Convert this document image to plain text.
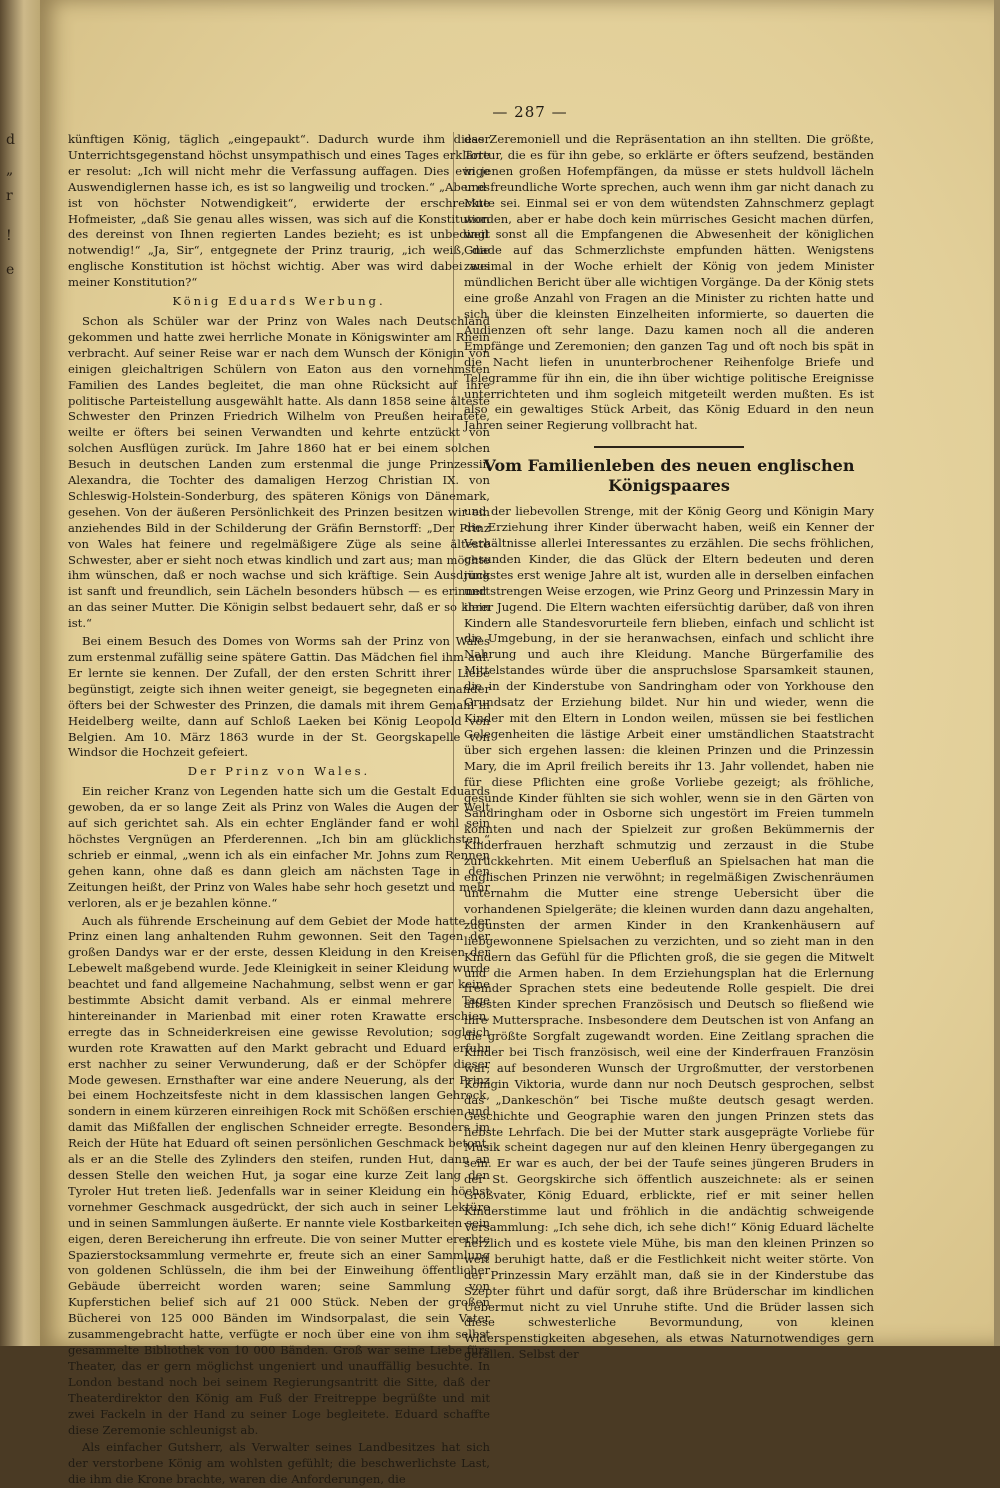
d
„
r
!
e
— 287 —

künftigen König, täglich „eingepaukt“. Dadurch wurde ihm dieser Unterrichtsgegenstand höchst unsympathisch und eines Tages erklärte er resolut: „Ich will nicht mehr die Verfassung auffagen. Dies ewige Auswendiglernen hasse ich, es ist so langweilig und trocken.“ „Aber es ist von höchster Notwendigkeit“, erwiderte der erschreckte Hofmeister, „daß Sie genau alles wissen, was sich auf die Konstitution des dereinst von Ihnen regierten Landes bezieht; es ist unbedingt notwendig!“ „Ja, Sir“, entgegnete der Prinz traurig, „ich weiß, die englische Konstitution ist höchst wichtig. Aber was wird dabei aus meiner Konstitution?“

König Eduards Werbung.

Schon als Schüler war der Prinz von Wales nach Deutschland gekommen und hatte zwei herrliche Monate in Königswinter am Rhein verbracht. Auf seiner Reise war er nach dem Wunsch der Königin von einigen gleichaltrigen Schülern von Eaton aus den vornehmsten Familien des Landes begleitet, die man ohne Rücksicht auf ihre politische Parteistellung ausgewählt hatte. Als dann 1858 seine älteste Schwester den Prinzen Friedrich Wilhelm von Preußen heiratete, weilte er öfters bei seinen Verwandten und kehrte entzückt von solchen Ausflügen zurück. Im Jahre 1860 hat er bei einem solchen Besuch in deutschen Landen zum erstenmal die junge Prinzessin Alexandra, die Tochter des damaligen Herzog Christian IX. von Schleswig-Holstein-Sonderburg, des späteren Königs von Dänemark, gesehen. Von der äußeren Persönlichkeit des Prinzen besitzen wir ein anziehendes Bild in der Schilderung der Gräfin Bernstorff: „Der Prinz von Wales hat feinere und regelmäßigere Züge als seine älteste Schwester, aber er sieht noch etwas kindlich und zart aus; man möchte ihm wünschen, daß er noch wachse und sich kräftige. Sein Ausdruck ist sanft und freundlich, sein Lächeln besonders hübsch — es erinnert an das seiner Mutter. Die Königin selbst bedauert sehr, daß er so klein ist.“

Bei einem Besuch des Domes von Worms sah der Prinz von Wales zum erstenmal zufällig seine spätere Gattin. Das Mädchen fiel ihm auf. Er lernte sie kennen. Der Zufall, der den ersten Schritt ihrer Liebe begünstigt, zeigte sich ihnen weiter geneigt, sie begegneten einander öfters bei der Schwester des Prinzen, die damals mit ihrem Gemahl in Heidelberg weilte, dann auf Schloß Laeken bei König Leopold von Belgien. Am 10. März 1863 wurde in der St. Georgskapelle von Windsor die Hochzeit gefeiert.

Der Prinz von Wales.

Ein reicher Kranz von Legenden hatte sich um die Gestalt Eduards gewoben, da er so lange Zeit als Prinz von Wales die Augen der Welt auf sich gerichtet sah. Als ein echter Engländer fand er wohl sein höchstes Vergnügen an Pferderennen. „Ich bin am glücklichsten,“ schrieb er einmal, „wenn ich als ein einfacher Mr. Johns zum Rennen gehen kann, ohne daß es dann gleich am nächsten Tage in den Zeitungen heißt, der Prinz von Wales habe sehr hoch gesetzt und mehr verloren, als er je bezahlen könne.“

Auch als führende Erscheinung auf dem Gebiet der Mode hatte der Prinz einen lang anhaltenden Ruhm gewonnen. Seit den Tagen der großen Dandys war er der erste, dessen Kleidung in den Kreisen der Lebewelt maßgebend wurde. Jede Kleinigkeit in seiner Kleidung wurde beachtet und fand allgemeine Nachahmung, selbst wenn er gar keine bestimmte Absicht damit verband. Als er einmal mehrere Tage hintereinander in Marienbad mit einer roten Krawatte erschien, erregte das in Schneiderkreisen eine gewisse Revolution; sogleich wurden rote Krawatten auf den Markt gebracht und Eduard erfuhr erst nachher zu seiner Verwunderung, daß er der Schöpfer dieser Mode gewesen. Ernsthafter war eine andere Neuerung, als der Prinz bei einem Hochzeitsfeste nicht in dem klassischen langen Gehrock, sondern in einem kürzeren einreihigen Rock mit Schößen erschien und damit das Mißfallen der englischen Schneider erregte. Besonders im Reich der Hüte hat Eduard oft seinen persönlichen Geschmack betont, als er an die Stelle des Zylinders den steifen, runden Hut, dann an dessen Stelle den weichen Hut, ja sogar eine kurze Zeit lang den Tyroler Hut treten ließ. Jedenfalls war in seiner Kleidung ein höchst vornehmer Geschmack ausgedrückt, der sich auch in seiner Lektüre und in seinen Sammlungen äußerte. Er nannte viele Kostbarkeiten sein eigen, deren Bereicherung ihn erfreute. Die von seiner Mutter ererbte Spazierstocksammlung vermehrte er, freute sich an einer Sammlung von goldenen Schlüsseln, die ihm bei der Einweihung öffentlicher Gebäude überreicht worden waren; seine Sammlung von Kupferstichen belief sich auf 21 000 Stück. Neben der großen Bücherei von 125 000 Bänden im Windsorpalast, die sein Vater zusammengebracht hatte, verfügte er noch über eine von ihm selbst gesammelte Bibliothek von 10 000 Bänden. Groß war seine Liebe fürs Theater, das er gern möglichst ungeniert und unauffällig besuchte. In London bestand noch bei seinem Regierungsantritt die Sitte, daß der Theaterdirektor den König am Fuß der Freitreppe begrüßte und mit zwei Fackeln in der Hand zu seiner Loge begleitete. Eduard schaffte diese Zeremonie schleunigst ab.

Als einfacher Gutsherr, als Verwalter seines Landbesitzes hat sich der verstorbene König am wohlsten gefühlt; die beschwerlichste Last, die ihm die Krone brachte, waren die Anforderungen, die

das Zeremoniell und die Repräsentation an ihn stellten. Die größte, Tortur, die es für ihn gebe, so erklärte er öfters seufzend, beständen in jenen großen Hofempfängen, da müsse er stets huldvoll lächeln und freundliche Worte sprechen, auch wenn ihm gar nicht danach zu Mute sei. Einmal sei er von dem wütendsten Zahnschmerz geplagt worden, aber er habe doch kein mürrisches Gesicht machen dürfen, weil sonst all die Empfangenen die Abwesenheit der königlichen Gnade auf das Schmerzlichste empfunden hätten. Wenigstens zweimal in der Woche erhielt der König von jedem Minister mündlichen Bericht über alle wichtigen Vorgänge. Da der König stets eine große Anzahl von Fragen an die Minister zu richten hatte und sich über die kleinsten Einzelheiten informierte, so dauerten die Audienzen oft sehr lange. Dazu kamen noch all die anderen Empfänge und Zeremonien; den ganzen Tag und oft noch bis spät in die Nacht liefen in ununterbrochener Reihenfolge Briefe und Telegramme für ihn ein, die ihn über wichtige politische Ereignisse unterrichteten und ihm sogleich mitgeteilt werden mußten. Es ist also ein gewaltiges Stück Arbeit, das König Eduard in den neun Jahren seiner Regierung vollbracht hat.

Vom Familienleben des neuen englischen Königspaares

und der liebevollen Strenge, mit der König Georg und Königin Mary die Erziehung ihrer Kinder überwacht haben, weiß ein Kenner der Verhältnisse allerlei Interessantes zu erzählen. Die sechs fröhlichen, gesunden Kinder, die das Glück der Eltern bedeuten und deren jüngstes erst wenige Jahre alt ist, wurden alle in derselben einfachen und strengen Weise erzogen, wie Prinz Georg und Prinzessin Mary in ihrer Jugend. Die Eltern wachten eifersüchtig darüber, daß von ihren Kindern alle Standesvorurteile fern blieben, einfach und schlicht ist die Umgebung, in der sie heranwachsen, einfach und schlicht ihre Nahrung und auch ihre Kleidung. Manche Bürgerfamilie des Mittelstandes würde über die anspruchslose Sparsamkeit staunen, die in der Kinderstube von Sandringham oder von Yorkhouse den Grundsatz der Erziehung bildet. Nur hin und wieder, wenn die Kinder mit den Eltern in London weilen, müssen sie bei festlichen Gelegenheiten die lästige Arbeit einer umständlichen Staatstracht über sich ergehen lassen: die kleinen Prinzen und die Prinzessin Mary, die im April freilich bereits ihr 13. Jahr vollendet, haben nie für diese Pflichten eine große Vorliebe gezeigt; als fröhliche, gesunde Kinder fühlten sie sich wohler, wenn sie in den Gärten von Sandringham oder in Osborne sich ungestört im Freien tummeln konnten und nach der Spielzeit zur großen Bekümmernis der Kinderfrauen herzhaft schmutzig und zerzaust in die Stube zurückkehrten. Mit einem Ueberfluß an Spielsachen hat man die englischen Prinzen nie verwöhnt; in regelmäßigen Zwischenräumen unternahm die Mutter eine strenge Uebersicht über die vorhandenen Spielgeräte; die kleinen wurden dann dazu angehalten, zugunsten der armen Kinder in den Krankenhäusern auf liebgewonnene Spielsachen zu verzichten, und so zieht man in den Kindern das Gefühl für die Pflichten groß, die sie gegen die Mitwelt und die Armen haben. In dem Erziehungsplan hat die Erlernung fremder Sprachen stets eine bedeutende Rolle gespielt. Die drei ältesten Kinder sprechen Französisch und Deutsch so fließend wie ihre Muttersprache. Insbesondere dem Deutschen ist von Anfang an die größte Sorgfalt zugewandt worden. Eine Zeitlang sprachen die Kinder bei Tisch französisch, weil eine der Kinderfrauen Französin war; auf besonderen Wunsch der Urgroßmutter, der verstorbenen Königin Viktoria, wurde dann nur noch Deutsch gesprochen, selbst das „Dankeschön“ bei Tische mußte deutsch gesagt werden. Geschichte und Geographie waren den jungen Prinzen stets das liebste Lehrfach. Die bei der Mutter stark ausgeprägte Vorliebe für Musik scheint dagegen nur auf den kleinen Henry übergegangen zu sein. Er war es auch, der bei der Taufe seines jüngeren Bruders in der St. Georgskirche sich öffentlich auszeichnete: als er seinen Großvater, König Eduard, erblickte, rief er mit seiner hellen Kinderstimme laut und fröhlich in die andächtig schweigende Versammlung: „Ich sehe dich, ich sehe dich!“ König Eduard lächelte herzlich und es kostete viele Mühe, bis man den kleinen Prinzen so weit beruhigt hatte, daß er die Festlichkeit nicht weiter störte. Von der Prinzessin Mary erzählt man, daß sie in der Kinderstube das Szepter führt und dafür sorgt, daß ihre Brüderschar im kindlichen Uebermut nicht zu viel Unruhe stifte. Und die Brüder lassen sich diese schwesterliche Bevormundung, von kleinen Widerspenstigkeiten abgesehen, als etwas Naturnotwendiges gern gefallen. Selbst der
